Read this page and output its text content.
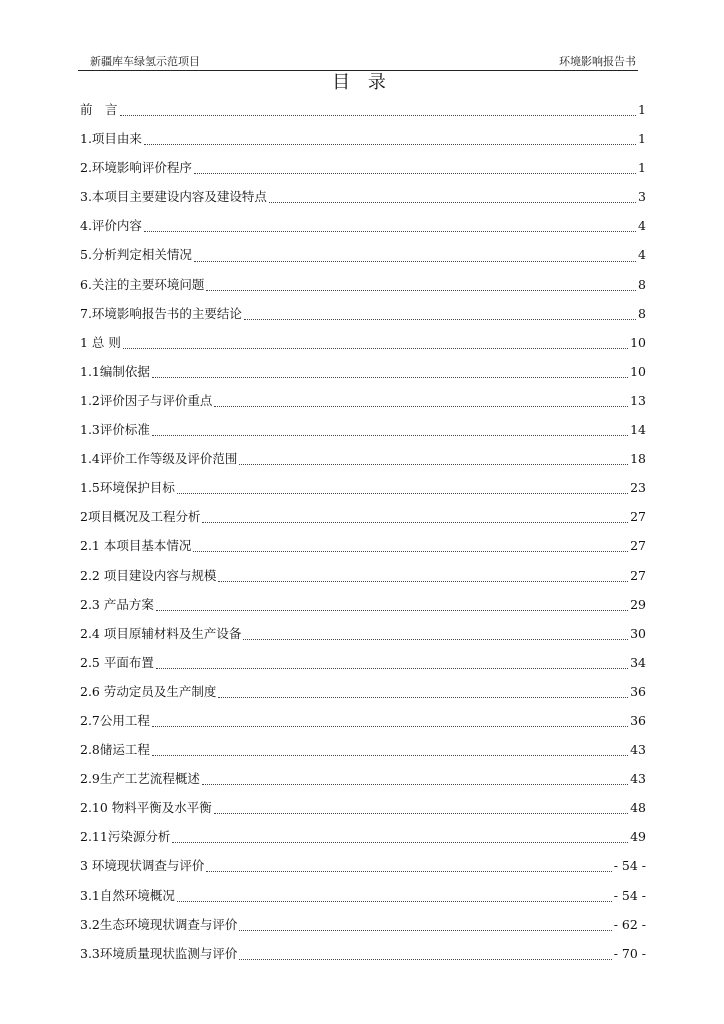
新疆库车绿氢示范项目	环境影响报告书
目 录
前　言	1
1.项目由来	1
2.环境影响评价程序	1
3.本项目主要建设内容及建设特点	3
4.评价内容	4
5.分析判定相关情况	4
6.关注的主要环境问题	8
7.环境影响报告书的主要结论	8
1 总 则	10
1.1编制依据	10
1.2评价因子与评价重点	13
1.3评价标准	14
1.4评价工作等级及评价范围	18
1.5环境保护目标	23
2项目概况及工程分析	27
2.1 本项目基本情况	27
2.2 项目建设内容与规模	27
2.3 产品方案	29
2.4 项目原辅材料及生产设备	30
2.5 平面布置	34
2.6 劳动定员及生产制度	36
2.7公用工程	36
2.8储运工程	43
2.9生产工艺流程概述	43
2.10 物料平衡及水平衡	48
2.11污染源分析	49
3 环境现状调查与评价	- 54 -
3.1自然环境概况	- 54 -
3.2生态环境现状调查与评价	- 62 -
3.3环境质量现状监测与评价	- 70 -
